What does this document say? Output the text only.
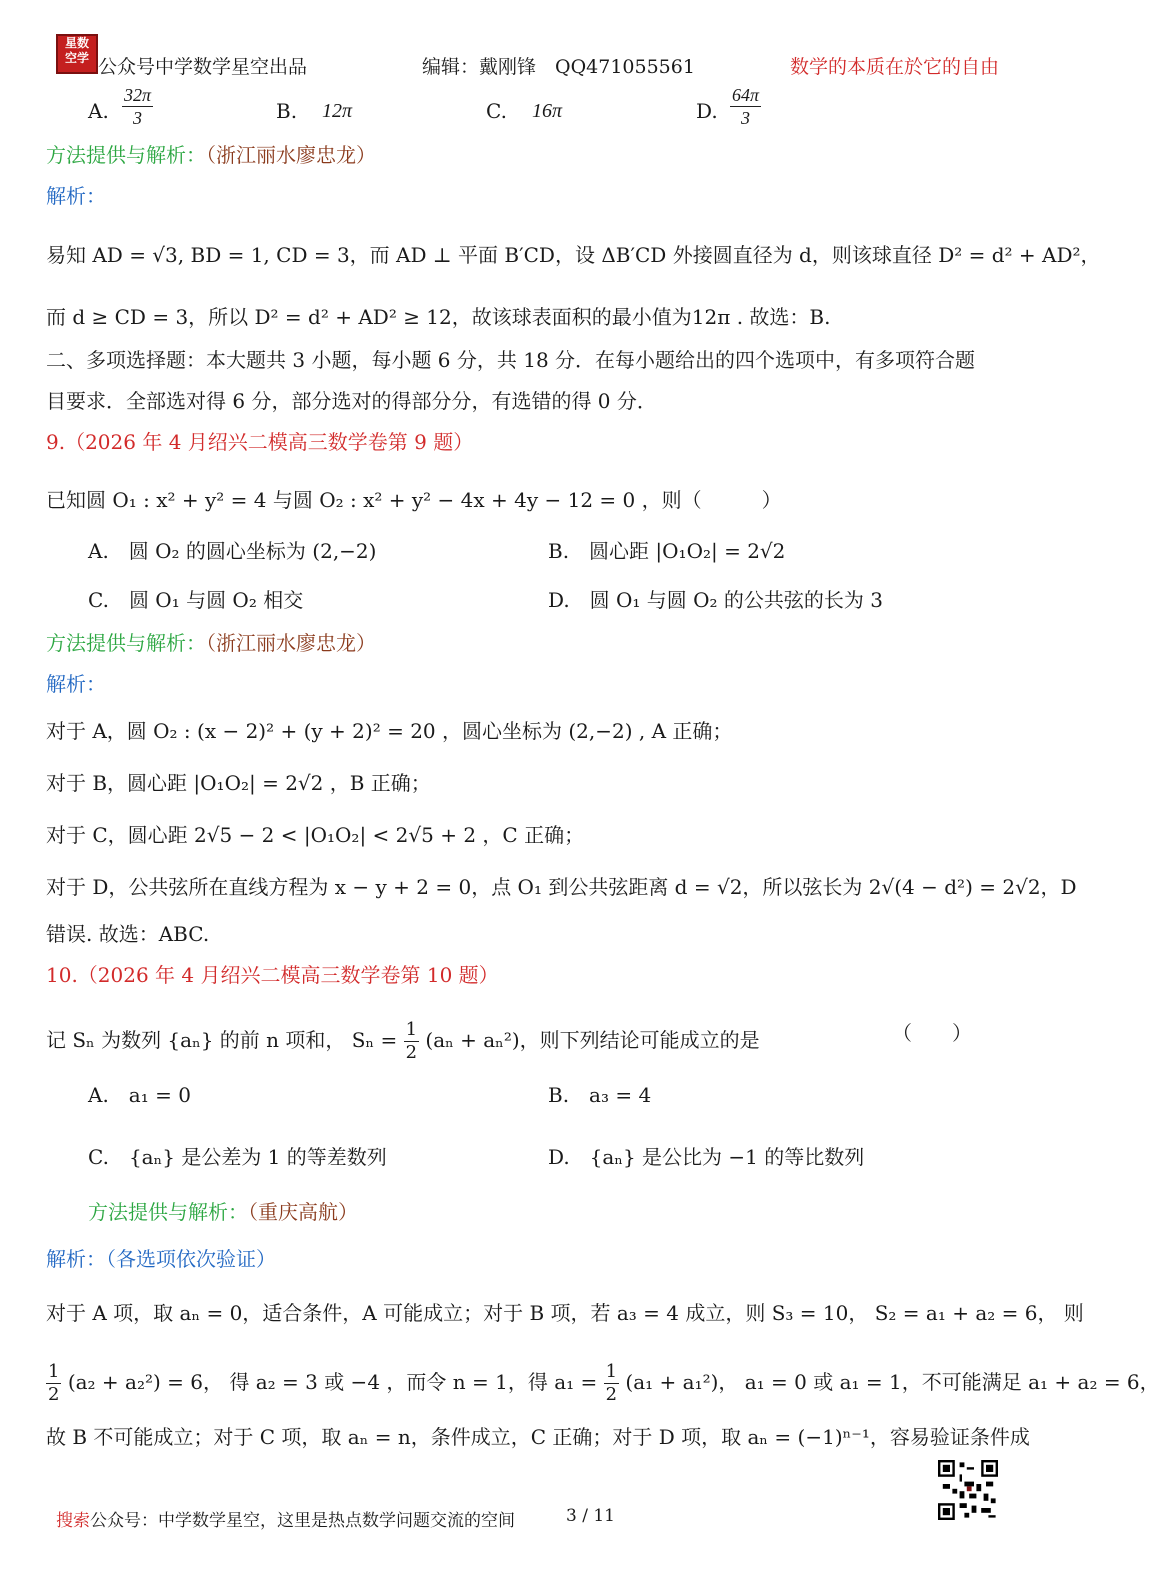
星数
空学 公众号中学数学星空出品	编辑：戴刚锋　QQ471055561	数学的本质在於它的自由
A. $\frac{32\pi}{3}$	B. 12π	C. 16π	D. $\frac{64\pi}{3}$
方法提供与解析：（浙江丽水廖忠龙）
解析：
易知 AD = √3, BD = 1, CD = 3，而 AD ⊥ 平面 B′CD，设 ΔB′CD 外接圆直径为 d，则该球直径 D² = d² + AD²，
而 d ≥ CD = 3，所以 D² = d² + AD² ≥ 12，故该球表面积的最小值为12π . 故选：B.
二、多项选择题：本大题共 3 小题，每小题 6 分，共 18 分．在每小题给出的四个选项中，有多项符合题
目要求．全部选对得 6 分，部分选对的得部分分，有选错的得 0 分．
9.（2026 年 4 月绍兴二模高三数学卷第 9 题）
已知圆 O₁ : x² + y² = 4 与圆 O₂ : x² + y² − 4x + 4y − 12 = 0 ，则（　　　）
A.　圆 O₂ 的圆心坐标为 (2,−2)	B.　圆心距 |O₁O₂| = 2√2
C.　圆 O₁ 与圆 O₂ 相交	D.　圆 O₁ 与圆 O₂ 的公共弦的长为 3
方法提供与解析：（浙江丽水廖忠龙）
解析：
对于 A，圆 O₂ : (x − 2)² + (y + 2)² = 20 ，圆心坐标为 (2,−2) , A 正确；
对于 B，圆心距 |O₁O₂| = 2√2 ，B 正确；
对于 C，圆心距 2√5 − 2 < |O₁O₂| < 2√5 + 2 ，C 正确；
对于 D，公共弦所在直线方程为 x − y + 2 = 0，点 O₁ 到公共弦距离 d = √2，所以弦长为 2√(4 − d²) = 2√2，D
错误. 故选：ABC.
10.（2026 年 4 月绍兴二模高三数学卷第 10 题）
记 Sₙ 为数列 {aₙ} 的前 n 项和， $S_n = \frac{1}{2} (a_n + a_n^2)$，则下列结论可能成立的是	（　　）
A.　a₁ = 0	B.　a₃ = 4
C.　{aₙ} 是公差为 1 的等差数列	D.　{aₙ} 是公比为 −1 的等比数列
方法提供与解析：（重庆高航）
解析：（各选项依次验证）
对于 A 项，取 aₙ = 0，适合条件，A 可能成立；对于 B 项，若 a₃ = 4 成立，则 S₃ = 10， S₂ = a₁ + a₂ = 6， 则
$\frac{1}{2} (a_2 + a_2^2) = 6$， 得 a₂ = 3 或 −4 ，而令 n = 1，得 $a_1 = \frac{1}{2} (a_1 + a_1^2)$， a₁ = 0 或 a₁ = 1，不可能满足 a₁ + a₂ = 6，
故 B 不可能成立；对于 C 项，取 aₙ = n，条件成立，C 正确；对于 D 项，取 aₙ = (−1)ⁿ⁻¹，容易验证条件成
搜索公众号：中学数学星空，这里是热点数学问题交流的空间	3 / 11
